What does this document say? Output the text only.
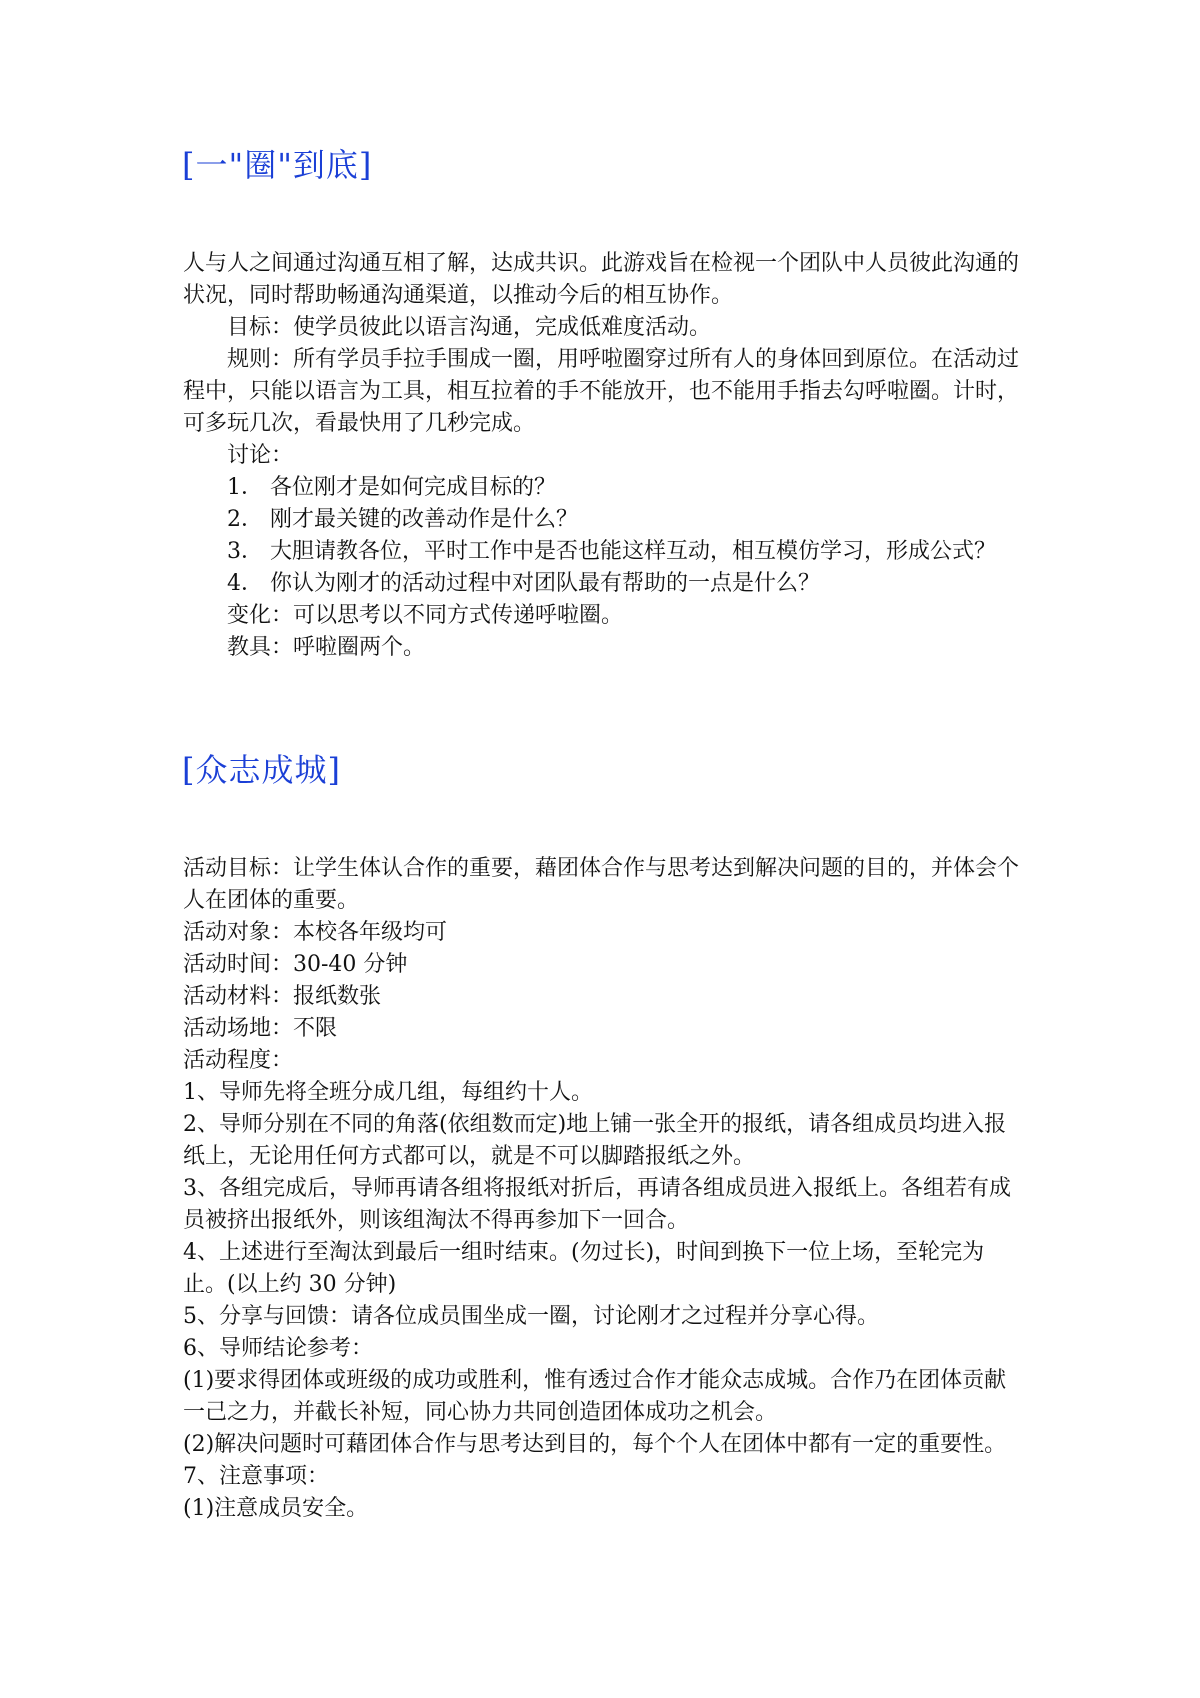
[一"圈"到底]

人与人之间通过沟通互相了解，达成共识。此游戏旨在检视一个团队中人员彼此沟通的状况，同时帮助畅通沟通渠道，以推动今后的相互协作。

目标：使学员彼此以语言沟通，完成低难度活动。

规则：所有学员手拉手围成一圈，用呼啦圈穿过所有人的身体回到原位。在活动过程中，只能以语言为工具，相互拉着的手不能放开，也不能用手指去勾呼啦圈。计时，可多玩几次，看最快用了几秒完成。

讨论：

1． 各位刚才是如何完成目标的？

2． 刚才最关键的改善动作是什么？

3． 大胆请教各位，平时工作中是否也能这样互动，相互模仿学习，形成公式？

4． 你认为刚才的活动过程中对团队最有帮助的一点是什么？

变化：可以思考以不同方式传递呼啦圈。

教具：呼啦圈两个。

[众志成城]

活动目标：让学生体认合作的重要，藉团体合作与思考达到解决问题的目的，并体会个人在团体的重要。

活动对象：本校各年级均可

活动时间：30-40 分钟

活动材料：报纸数张

活动场地：不限

活动程度：

1、导师先将全班分成几组，每组约十人。

2、导师分别在不同的角落(依组数而定)地上铺一张全开的报纸，请各组成员均进入报纸上，无论用任何方式都可以，就是不可以脚踏报纸之外。

3、各组完成后，导师再请各组将报纸对折后，再请各组成员进入报纸上。各组若有成员被挤出报纸外，则该组淘汰不得再参加下一回合。

4、上述进行至淘汰到最后一组时结束。(勿过长)，时间到换下一位上场，至轮完为止。(以上约 30 分钟)

5、分享与回馈：请各位成员围坐成一圈，讨论刚才之过程并分享心得。

6、导师结论参考：

(1)要求得团体或班级的成功或胜利，惟有透过合作才能众志成城。合作乃在团体贡献一己之力，并截长补短，同心协力共同创造团体成功之机会。

(2)解决问题时可藉团体合作与思考达到目的，每个个人在团体中都有一定的重要性。

7、注意事项：

(1)注意成员安全。
